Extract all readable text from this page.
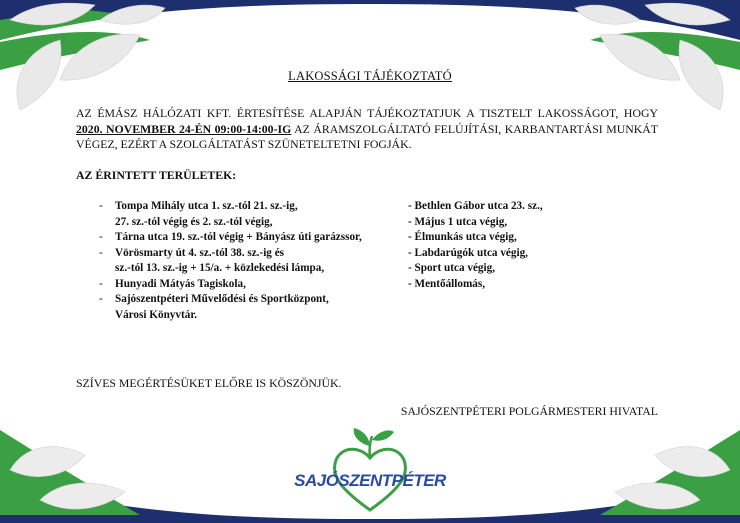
LAKOSSÁGI TÁJÉKOZTATÓ
AZ ÉMÁSZ HÁLÓZATI KFT. ÉRTESÍTÉSE ALAPJÁN TÁJÉKOZTATJUK A TISZTELT LAKOSSÁGOT, HOGY 2020. NOVEMBER 24-ÉN 09:00-14:00-IG AZ ÁRAMSZOLGÁLTATÓ FELÚJÍTÁSI, KARBANTARTÁSI MUNKÁT VÉGEZ, EZÉRT A SZOLGÁLTATÁST SZÜNETELTETNI FOGJÁK.
AZ ÉRINTETT TERÜLETEK:
-	Tompa Mihály utca 1. sz.-tól 21. sz.-ig,
27. sz.-tól végig és 2. sz.-tól végig,
-	Tárna utca 19. sz.-tól végig + Bányász úti garázssor,
-	Vörösmarty út 4. sz.-tól 38. sz.-ig és
sz.-tól 13. sz.-ig + 15/a. + közlekedési lámpa,
-	Hunyadi Mátyás Tagiskola,
-	Sajószentpéteri Művelődési és Sportközpont,
Városi Könyvtár.
- Bethlen Gábor utca 23. sz.,
- Május 1 utca végig,
- Élmunkás utca végig,
- Labdarúgók utca végig,
- Sport utca végig,
- Mentőállomás,
SZÍVES MEGÉRTÉSÜKET ELŐRE IS KÖSZÖNJÜK.
SAJÓSZENTPÉTERI POLGÁRMESTERI HIVATAL
SAJÓSZENTPÉTER
